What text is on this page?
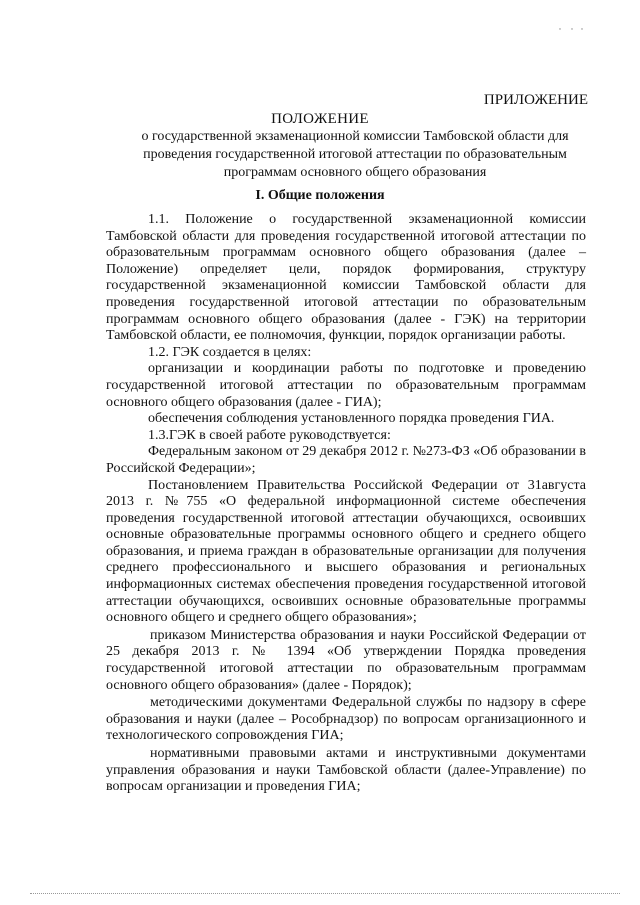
ПРИЛОЖЕНИЕ
ПОЛОЖЕНИЕ
о государственной экзаменационной комиссии Тамбовской области для проведения государственной итоговой аттестации по образовательным программам основного общего образования
I. Общие положения

1.1. Положение о государственной экзаменационной комиссии Тамбовской области для проведения государственной итоговой аттестации по образовательным программам основного общего образования (далее – Положение) определяет цели, порядок формирования, структуру государственной экзаменационной комиссии Тамбовской области для проведения государственной итоговой аттестации по образовательным программам основного общего образования (далее - ГЭК) на территории Тамбовской области, ее полномочия, функции, порядок организации работы.

1.2. ГЭК создается в целях:

организации и координации работы по подготовке и проведению государственной итоговой аттестации по образовательным программам основного общего образования (далее - ГИА);

обеспечения соблюдения установленного порядка проведения ГИА.

1.3.ГЭК в своей работе руководствуется:

Федеральным законом от 29 декабря 2012 г. №273-ФЗ «Об образовании в Российской Федерации»;

Постановлением Правительства Российской Федерации от 31августа 2013 г. №755 «О федеральной информационной системе обеспечения проведения государственной итоговой аттестации обучающихся, освоивших основные образовательные программы основного общего и среднего общего образования, и приема граждан в образовательные организации для получения среднего профессионального и высшего образования и региональных информационных системах обеспечения проведения государственной итоговой аттестации обучающихся, освоивших основные образовательные программы основного общего и среднего общего образования»;

приказом Министерства образования и науки Российской Федерации от 25 декабря 2013 г. № 1394 «Об утверждении Порядка проведения государственной итоговой аттестации по образовательным программам основного общего образования» (далее - Порядок);

методическими документами Федеральной службы по надзору в сфере образования и науки (далее – Рособрнадзор) по вопросам организационного и технологического сопровождения ГИА;

нормативными правовыми актами и инструктивными документами управления образования и науки Тамбовской области (далее-Управление) по вопросам организации и проведения ГИА;
